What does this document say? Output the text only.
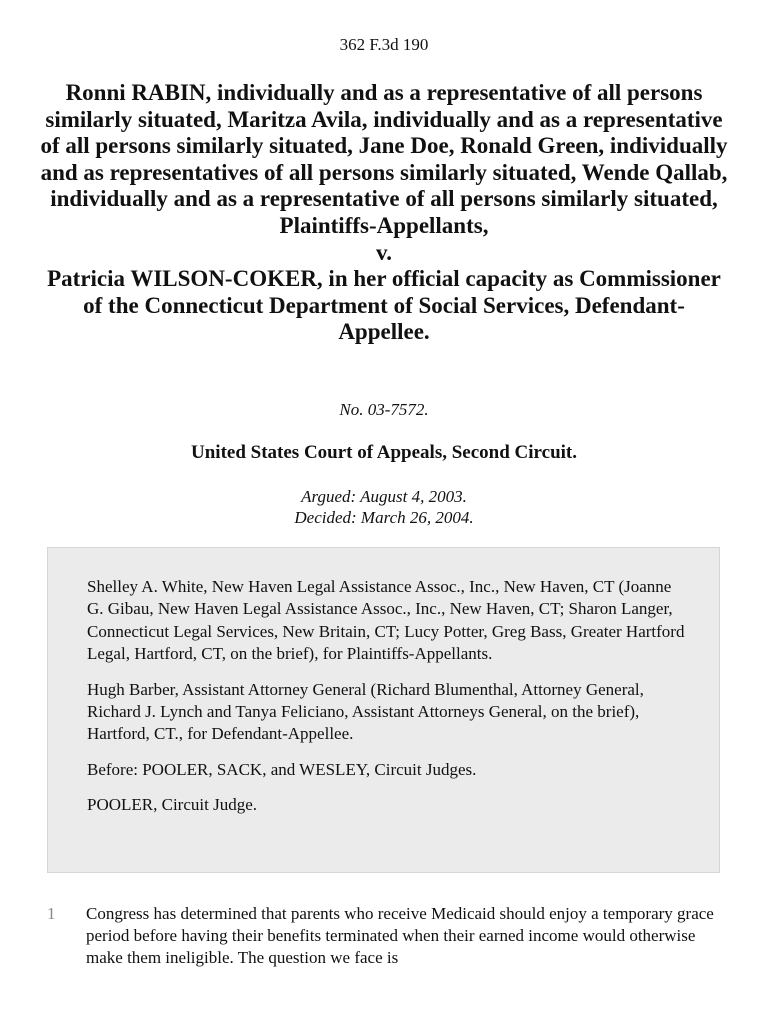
362 F.3d 190
Ronni RABIN, individually and as a representative of all persons similarly situated, Maritza Avila, individually and as a representative of all persons similarly situated, Jane Doe, Ronald Green, individually and as representatives of all persons similarly situated, Wende Qallab, individually and as a representative of all persons similarly situated, Plaintiffs-Appellants,
v.
Patricia WILSON-COKER, in her official capacity as Commissioner of the Connecticut Department of Social Services, Defendant-Appellee.
No. 03-7572.
United States Court of Appeals, Second Circuit.
Argued: August 4, 2003.
Decided: March 26, 2004.

Shelley A. White, New Haven Legal Assistance Assoc., Inc., New Haven, CT (Joanne G. Gibau, New Haven Legal Assistance Assoc., Inc., New Haven, CT; Sharon Langer, Connecticut Legal Services, New Britain, CT; Lucy Potter, Greg Bass, Greater Hartford Legal, Hartford, CT, on the brief), for Plaintiffs-Appellants.

Hugh Barber, Assistant Attorney General (Richard Blumenthal, Attorney General, Richard J. Lynch and Tanya Feliciano, Assistant Attorneys General, on the brief), Hartford, CT., for Defendant-Appellee.

Before: POOLER, SACK, and WESLEY, Circuit Judges.

POOLER, Circuit Judge.

1 Congress has determined that parents who receive Medicaid should enjoy a temporary grace period before having their benefits terminated when their earned income would otherwise make them ineligible. The question we face is
